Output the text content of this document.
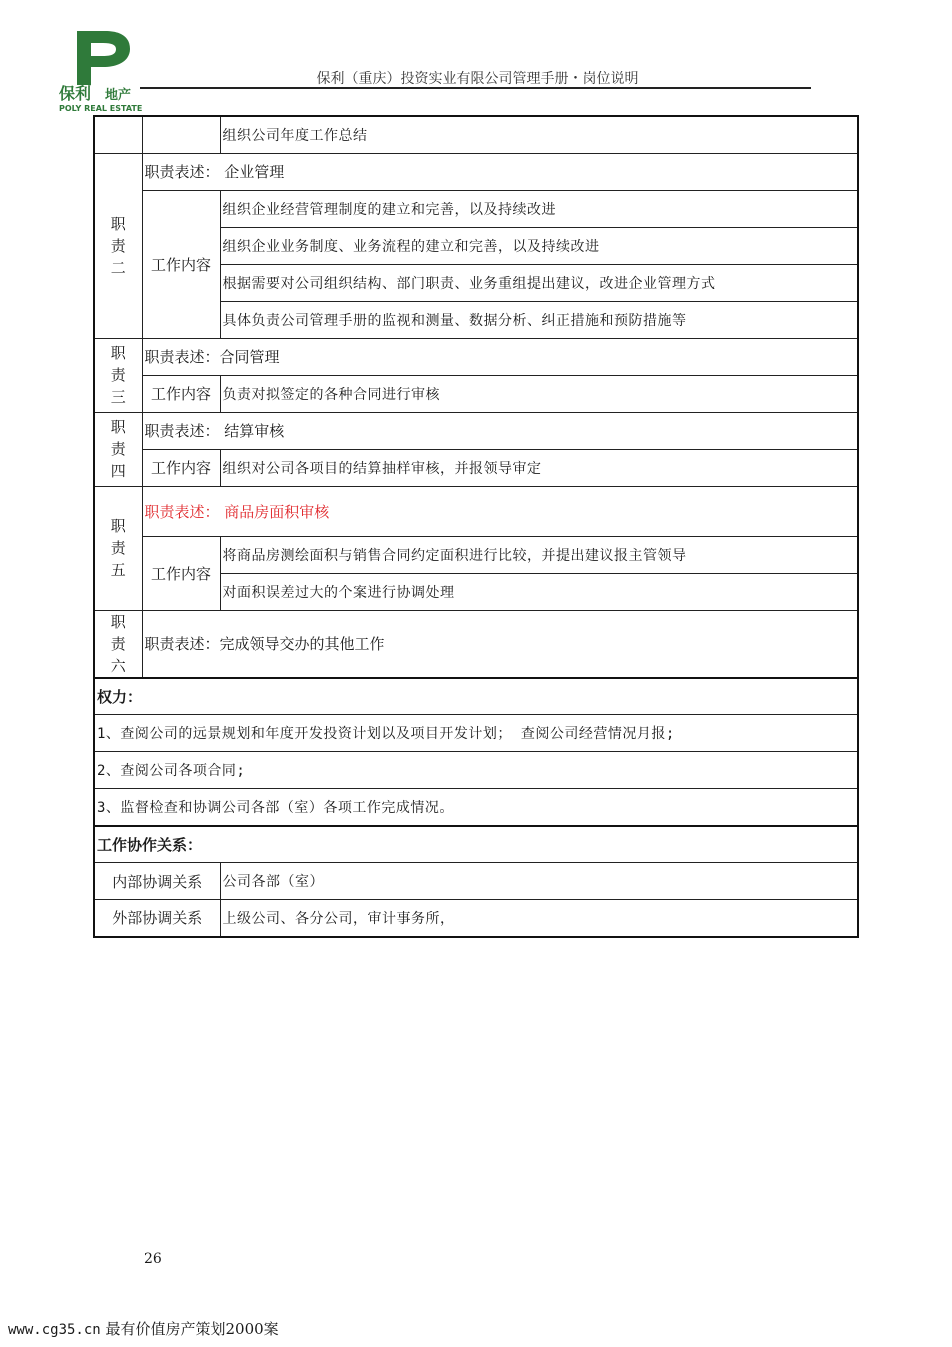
保利 地产
POLY REAL ESTATE
保利（重庆）投资实业有限公司管理手册・岗位说明
		组织公司年度工作总结
职
责
二	职责表述： 企业管理	
	工作内容	组织企业经营管理制度的建立和完善，以及持续改进
		组织企业业务制度、业务流程的建立和完善，以及持续改进
		根据需要对公司组织结构、部门职责、业务重组提出建议，改进企业管理方式
		具体负责公司管理手册的监视和测量、数据分析、纠正措施和预防措施等
职
责
三	职责表述：合同管理	
	工作内容	负责对拟签定的各种合同进行审核
职
责
四	职责表述： 结算审核	
	工作内容	组织对公司各项目的结算抽样审核，并报领导审定
职
责
五	职责表述： 商品房面积审核	
	工作内容	将商品房测绘面积与销售合同约定面积进行比较，并提出建议报主管领导
		对面积误差过大的个案进行协调处理
职
责
六	职责表述：完成领导交办的其他工作	
权力：		
1、查阅公司的远景规划和年度开发投资计划以及项目开发计划； 查阅公司经营情况月报;		
2、查阅公司各项合同;		
3、监督检查和协调公司各部（室）各项工作完成情况。		
工作协作关系：		
内部协调关系		公司各部（室）
外部协调关系		上级公司、各分公司，审计事务所，
26
www.cg35.cn 最有价值房产策划2000案
